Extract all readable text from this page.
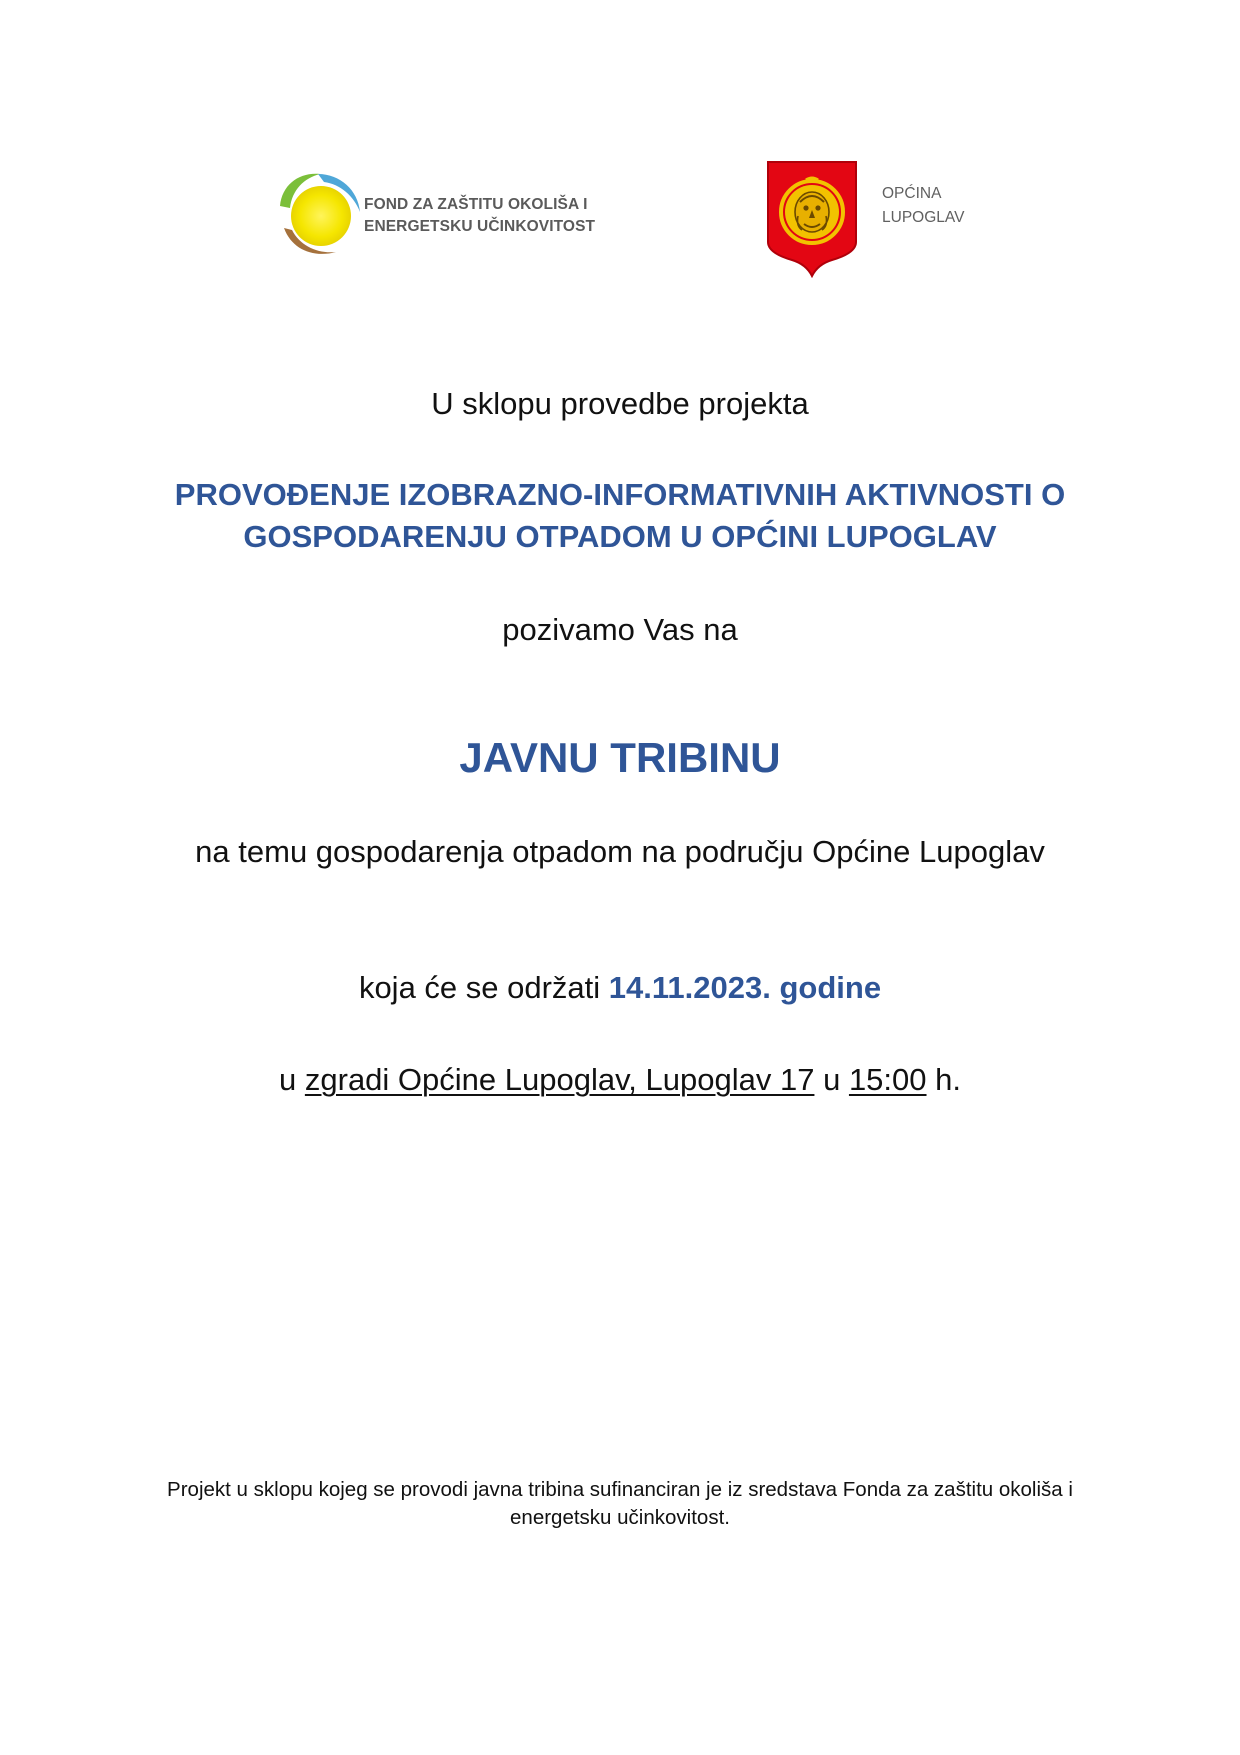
FOND ZA ZAŠTITU OKOLIŠA I
ENERGETSKU UČINKOVITOST
OPĆINA
LUPOGLAV
U sklopu provedbe projekta
PROVOĐENJE IZOBRAZNO-INFORMATIVNIH AKTIVNOSTI O
GOSPODARENJU OTPADOM U OPĆINI LUPOGLAV
pozivamo Vas na
JAVNU TRIBINU
na temu gospodarenja otpadom na području Općine Lupoglav
koja će se održati 14.11.2023. godine
u zgradi Općine Lupoglav, Lupoglav 17 u 15:00 h.
Projekt u sklopu kojeg se provodi javna tribina sufinanciran je iz sredstava Fonda za zaštitu okoliša i
energetsku učinkovitost.
